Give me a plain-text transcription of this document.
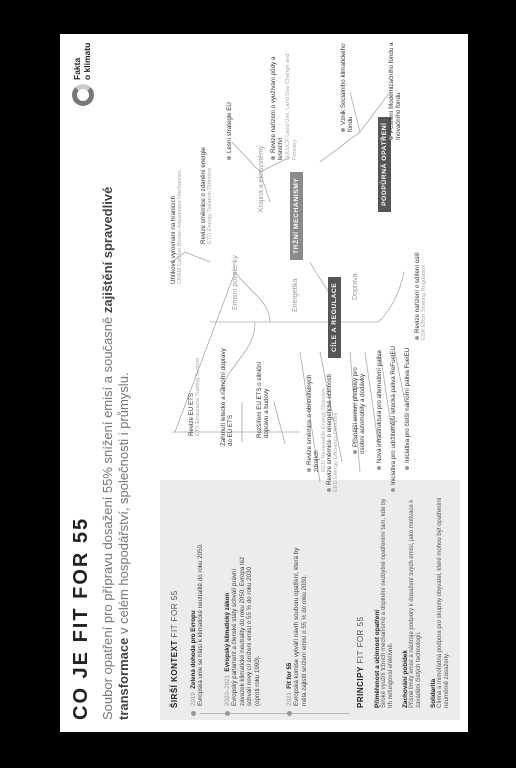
CO JE FIT FOR 55 Soubor opatření pro přípravu dosažení 55% snížení emisí a současně zajištění spravedlivé transformace v celém hospodářství, společnosti i průmyslu.
Fakta o klimatu
ŠIRŠÍ KONTEXT FIT FOR 55
2019  Zelená dohoda pro Evropu Evropská unie se hlásí k klimatické neutralitě do roku 2050.	2020–2021  Evropský klimatický zákon Evropský parlament a členské státy schválí právní závazek klimatické neutrality do roku 2050. Evropa též schválí nový cíl snížení emisí o 55 % do roku 2030 (oproti roku 1990).	2021  Fit for 55 Evropská komise vytváří návrh souboru opatření, která by měla zajistit snížení emisí o 55 % do roku 2030.	PRINCIPY FIT FOR 55 Přiměřenost a účinnost opatření Široké využití tržních mechanismů a doplnění nezbytné opatřeními tam, kde by trh nefungoval efektivně. Zachování pobídek Přísné limity emisí a nástroje podpory k dosažení svých emisí, jako motivace k zavádění čistých technologií. Solidarita Cílená a mimořádná podpora pro skupiny obyvatel, které mohou být opatřeními neúměrně zasaženy.
Emisní povolenky
Krajina a ekosystémy
Energetika	Doprava
TRŽNÍ MECHANISMY
CÍLE A REGULACE
PODPŮRNÁ OPATŘENÍ
Revize EU ETS ETS Emissions Trading System	Zahrnutí letecké a námořní dopravy do EU ETS	Rozšíření EU ETS o silniční dopravu a budovy
Uhlíkové vyrovnání na hranicích CBAM Carbon Border Adjustment Mechanism	Revize směrnice o zdanění energie ETD Energy Taxation Directive
Lesní strategie EU	Revize nařízení o využívání půdy a lesnictví LULUCF Land Use, Land Use Change and Forestry
Revize směrnice o obnovitelných zdrojích RED Renewable Energy Directive Revize směrnice o energetické účinnosti EED Energy Efficiency Directive
Přísnější emisní předpisy pro osobní automobily a dodávky Nová infrastruktura pro alternativní paliva Iniciativa pro udržitelnější letecká paliva ReFuelEU Iniciativa pro čistší námořní paliva FuelEU
Revize nařízení o sdílení úsilí ESR Effort Sharing Regulation
Vznik Sociálního klimatického fondu	Posílení Modernizačního fondu a Inovačního fondu
